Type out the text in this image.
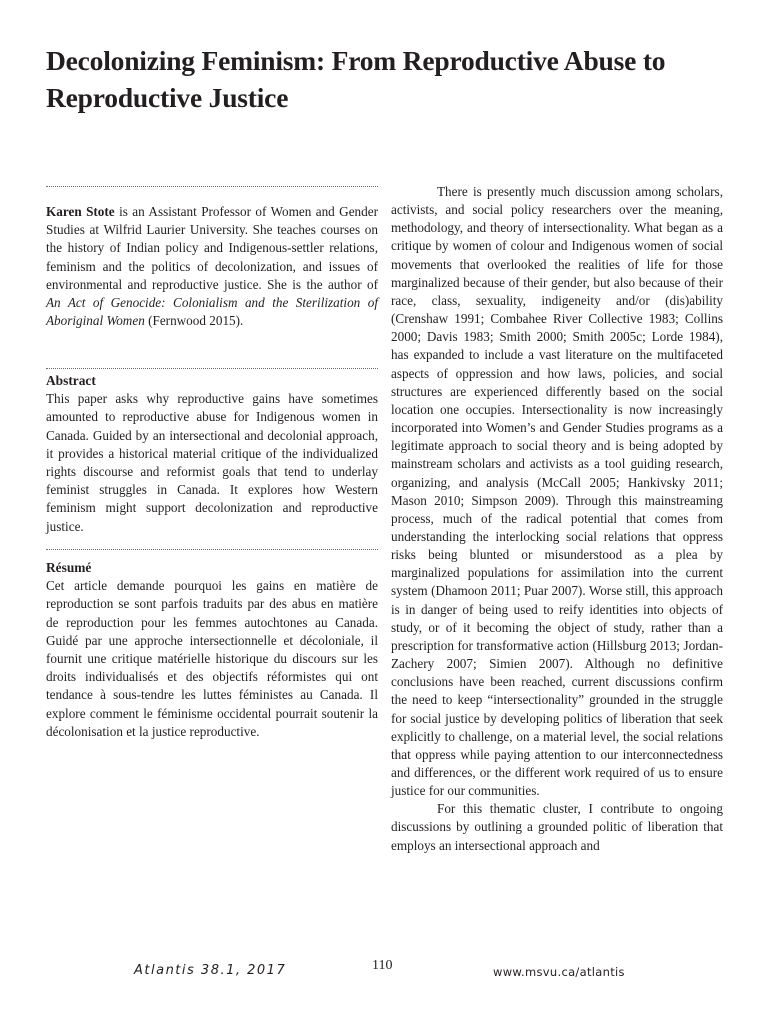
Decolonizing Feminism: From Reproductive Abuse to Reproductive Justice

Karen Stote is an Assistant Professor of Women and Gender Studies at Wilfrid Laurier University. She teaches courses on the history of Indian policy and Indigenous-settler relations, feminism and the politics of decolonization, and issues of environmental and reproductive justice. She is the author of An Act of Genocide: Colonialism and the Sterilization of Aboriginal Women (Fernwood 2015).

Abstract

This paper asks why reproductive gains have sometimes amounted to reproductive abuse for Indigenous women in Canada. Guided by an intersectional and decolonial approach, it provides a historical material critique of the individualized rights discourse and reformist goals that tend to underlay feminist struggles in Canada. It explores how Western feminism might support decolonization and reproductive justice.

Résumé

Cet article demande pourquoi les gains en matière de reproduction se sont parfois traduits par des abus en matière de reproduction pour les femmes autochtones au Canada. Guidé par une approche intersectionnelle et décoloniale, il fournit une critique matérielle historique du discours sur les droits individualisés et des objectifs réformistes qui ont tendance à sous-tendre les luttes féministes au Canada. Il explore comment le féminisme occidental pourrait soutenir la décolonisation et la justice reproductive.

There is presently much discussion among scholars, activists, and social policy researchers over the meaning, methodology, and theory of intersectionality. What began as a critique by women of colour and Indigenous women of social movements that overlooked the realities of life for those marginalized because of their gender, but also because of their race, class, sexuality, indigeneity and/or (dis)ability (Crenshaw 1991; Combahee River Collective 1983; Collins 2000; Davis 1983; Smith 2000; Smith 2005c; Lorde 1984), has expanded to include a vast literature on the multifaceted aspects of oppression and how laws, policies, and social structures are experienced differently based on the social location one occupies. Intersectionality is now increasingly incorporated into Women’s and Gender Studies programs as a legitimate approach to social theory and is being adopted by mainstream scholars and activists as a tool guiding research, organizing, and analysis (McCall 2005; Hankivsky 2011; Mason 2010; Simpson 2009). Through this mainstreaming process, much of the radical potential that comes from understanding the interlocking social relations that oppress risks being blunted or misunderstood as a plea by marginalized populations for assimilation into the current system (Dhamoon 2011; Puar 2007). Worse still, this approach is in danger of being used to reify identities into objects of study, or of it becoming the object of study, rather than a prescription for transformative action (Hillsburg 2013; Jordan-Zachery 2007; Simien 2007). Although no definitive conclusions have been reached, current discussions confirm the need to keep “intersectionality” grounded in the struggle for social justice by developing politics of liberation that seek explicitly to challenge, on a material level, the social relations that oppress while paying attention to our interconnectedness and differences, or the different work required of us to ensure justice for our communities.

For this thematic cluster, I contribute to ongoing discussions by outlining a grounded politic of liberation that employs an intersectional approach and

Atlantis 38.1, 2017	110	www.msvu.ca/atlantis
